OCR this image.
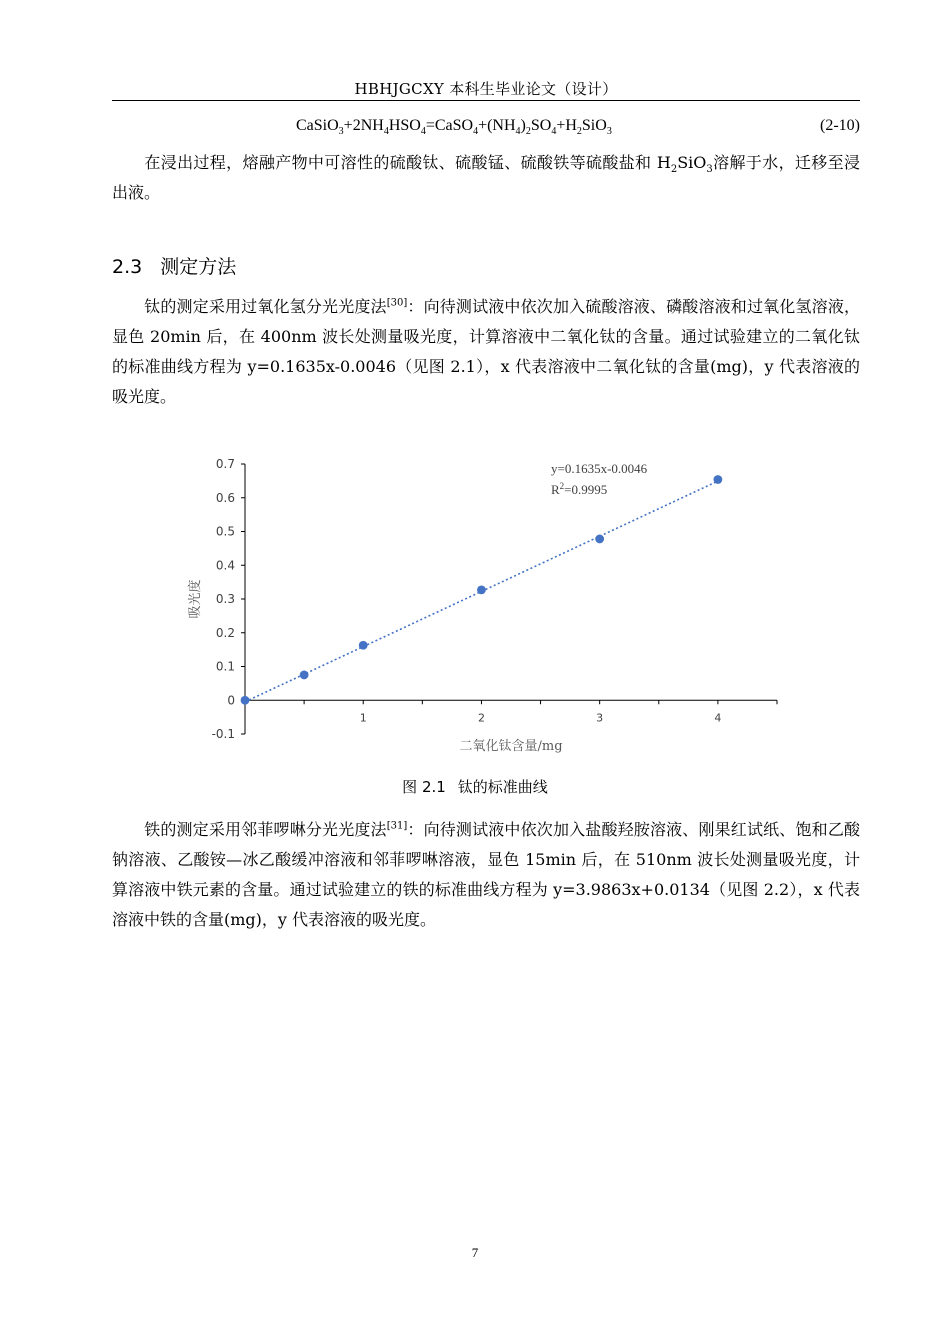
HBHJGCXY 本科生毕业论文（设计）
$CaSiO_3+2NH_4HSO_4=CaSO_4+(NH_4)_2SO_4+H_2SiO_3$	(2-10)
在浸出过程，熔融产物中可溶性的硫酸钛、硫酸锰、硫酸铁等硫酸盐和 $H_2SiO_3$溶解于水，迁移至浸出液。
2.3 测定方法
钛的测定采用过氧化氢分光光度法[30]：向待测试液中依次加入硫酸溶液、磷酸溶液和过氧化氢溶液，显色 20min 后，在 400nm 波长处测量吸光度，计算溶液中二氧化钛的含量。通过试验建立的二氧化钛的标准曲线方程为 y=0.1635x-0.0046（见图 2.1），x 代表溶液中二氧化钛的含量(mg)，y 代表溶液的吸光度。
-0.1
0
0.1
0.2
0.3
0.4
0.5
0.6
0.7
1	2	3	4
y=0.1635x-0.0046
$R^2=0.9995$
二氧化钛含量/mg
吸光度
图 2.1 钛的标准曲线
铁的测定采用邻菲啰啉分光光度法[31]：向待测试液中依次加入盐酸羟胺溶液、刚果红试纸、饱和乙酸钠溶液、乙酸铵—冰乙酸缓冲溶液和邻菲啰啉溶液，显色 15min 后，在 510nm 波长处测量吸光度，计算溶液中铁元素的含量。通过试验建立的铁的标准曲线方程为 y=3.9863x+0.0134（见图 2.2），x 代表溶液中铁的含量(mg)，y 代表溶液的吸光度。
7
